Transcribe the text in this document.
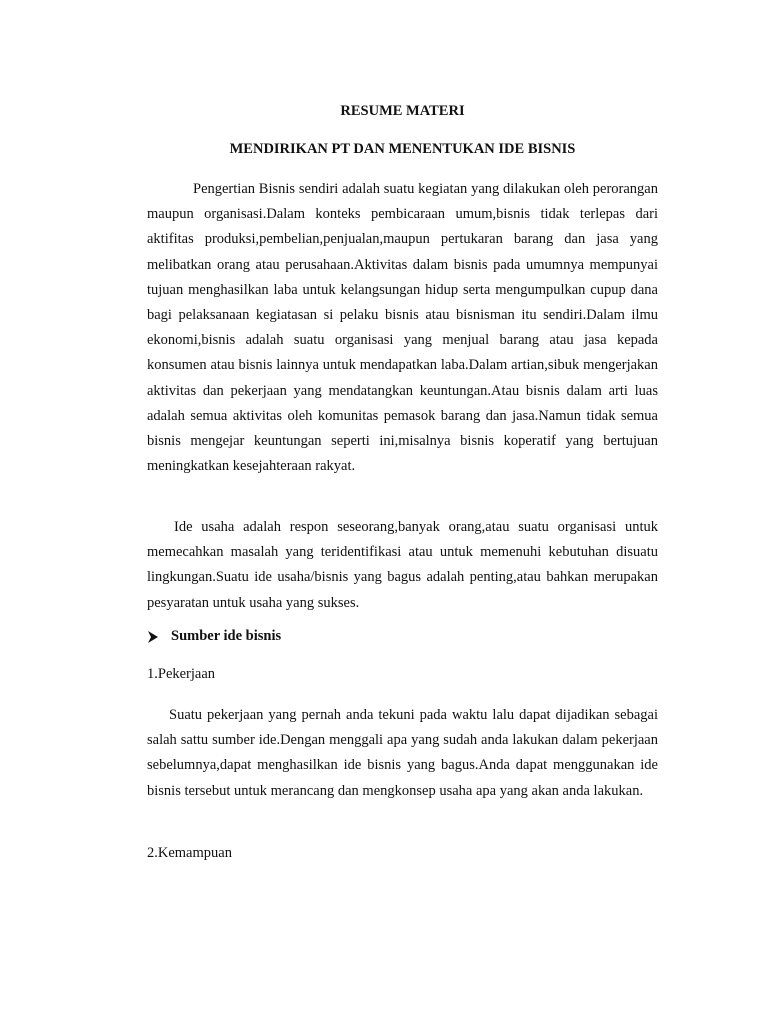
RESUME MATERI
MENDIRIKAN PT DAN MENENTUKAN IDE BISNIS

Pengertian Bisnis sendiri adalah suatu kegiatan yang dilakukan oleh perorangan maupun organisasi.Dalam konteks pembicaraan umum,bisnis tidak terlepas dari aktifitas produksi,pembelian,penjualan,maupun pertukaran barang dan jasa yang melibatkan orang atau perusahaan.Aktivitas dalam bisnis pada umumnya mempunyai tujuan menghasilkan laba untuk kelangsungan hidup serta mengumpulkan cupup dana bagi pelaksanaan kegiatasan si pelaku bisnis atau bisnisman itu sendiri.Dalam ilmu ekonomi,bisnis adalah suatu organisasi yang menjual barang atau jasa kepada konsumen atau bisnis lainnya untuk mendapatkan laba.Dalam artian,sibuk mengerjakan aktivitas dan pekerjaan yang mendatangkan keuntungan.Atau bisnis dalam arti luas adalah semua aktivitas oleh komunitas pemasok barang dan jasa.Namun tidak semua bisnis mengejar keuntungan seperti ini,misalnya bisnis koperatif yang bertujuan meningkatkan kesejahteraan rakyat.

Ide usaha adalah respon seseorang,banyak orang,atau suatu organisasi untuk memecahkan masalah yang teridentifikasi atau untuk memenuhi kebutuhan disuatu lingkungan.Suatu ide usaha/bisnis yang bagus adalah penting,atau bahkan merupakan pesyaratan untuk usaha yang sukses.

Sumber ide bisnis

1.Pekerjaan

Suatu pekerjaan yang pernah anda tekuni pada waktu lalu dapat dijadikan sebagai salah sattu sumber ide.Dengan menggali apa yang sudah anda lakukan dalam pekerjaan sebelumnya,dapat menghasilkan ide bisnis yang bagus.Anda dapat menggunakan ide bisnis tersebut untuk merancang dan mengkonsep usaha apa yang akan anda lakukan.

2.Kemampuan
